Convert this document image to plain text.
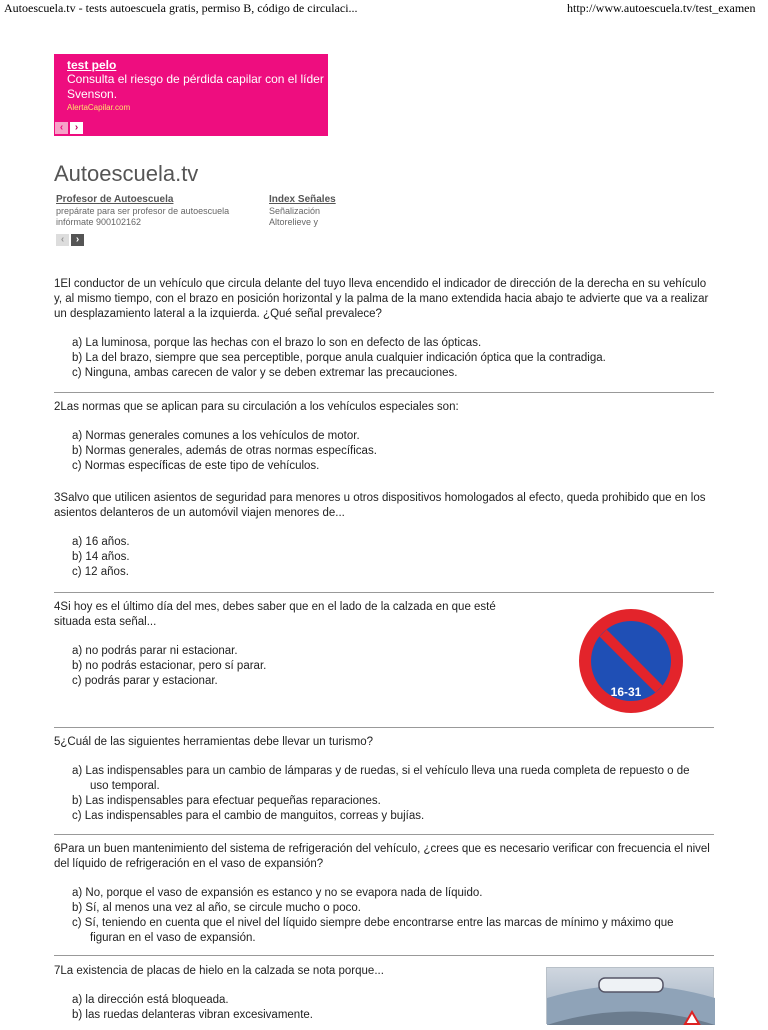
Autoescuela.tv - tests autoescuela gratis, permiso B, código de circulaci...	http://www.autoescuela.tv/test_examen
test pelo
Consulta el riesgo de pérdida capilar con el líder Svenson.
AlertaCapilar.com
‹	›
Autoescuela.tv
Profesor de Autoescuela
prepárate para ser profesor de autoescuela
infórmate 900102162
Index Señales
Señalización
Altorelieve y
‹	›
1El conductor de un vehículo que circula delante del tuyo lleva encendido el indicador de dirección de la derecha en su vehículo y, al mismo tiempo, con el brazo en posición horizontal y la palma de la mano extendida hacia abajo te advierte que va a realizar un desplazamiento lateral a la izquierda. ¿Qué señal prevalece?
a) La luminosa, porque las hechas con el brazo lo son en defecto de las ópticas.
b) La del brazo, siempre que sea perceptible, porque anula cualquier indicación óptica que la contradiga.
c) Ninguna, ambas carecen de valor y se deben extremar las precauciones.
2Las normas que se aplican para su circulación a los vehículos especiales son:
a) Normas generales comunes a los vehículos de motor.
b) Normas generales, además de otras normas específicas.
c) Normas específicas de este tipo de vehículos.
3Salvo que utilicen asientos de seguridad para menores u otros dispositivos homologados al efecto, queda prohibido que en los asientos delanteros de un automóvil viajen menores de...
a) 16 años.
b) 14 años.
c) 12 años.
4Si hoy es el último día del mes, debes saber que en el lado de la calzada en que esté situada esta señal...
a) no podrás parar ni estacionar.
b) no podrás estacionar, pero sí parar.
c) podrás parar y estacionar.
16-31
5¿Cuál de las siguientes herramientas debe llevar un turismo?
a) Las indispensables para un cambio de lámparas y de ruedas, si el vehículo lleva una rueda completa de repuesto o de uso temporal.
b) Las indispensables para efectuar pequeñas reparaciones.
c) Las indispensables para el cambio de manguitos, correas y bujías.
6Para un buen mantenimiento del sistema de refrigeración del vehículo, ¿crees que es necesario verificar con frecuencia el nivel del líquido de refrigeración en el vaso de expansión?
a) No, porque el vaso de expansión es estanco y no se evapora nada de líquido.
b) Sí, al menos una vez al año, se circule mucho o poco.
c) Sí, teniendo en cuenta que el nivel del líquido siempre debe encontrarse entre las marcas de mínimo y máximo que figuran en el vaso de expansión.
7La existencia de placas de hielo en la calzada se nota porque...
a) la dirección está bloqueada.
b) las ruedas delanteras vibran excesivamente.
